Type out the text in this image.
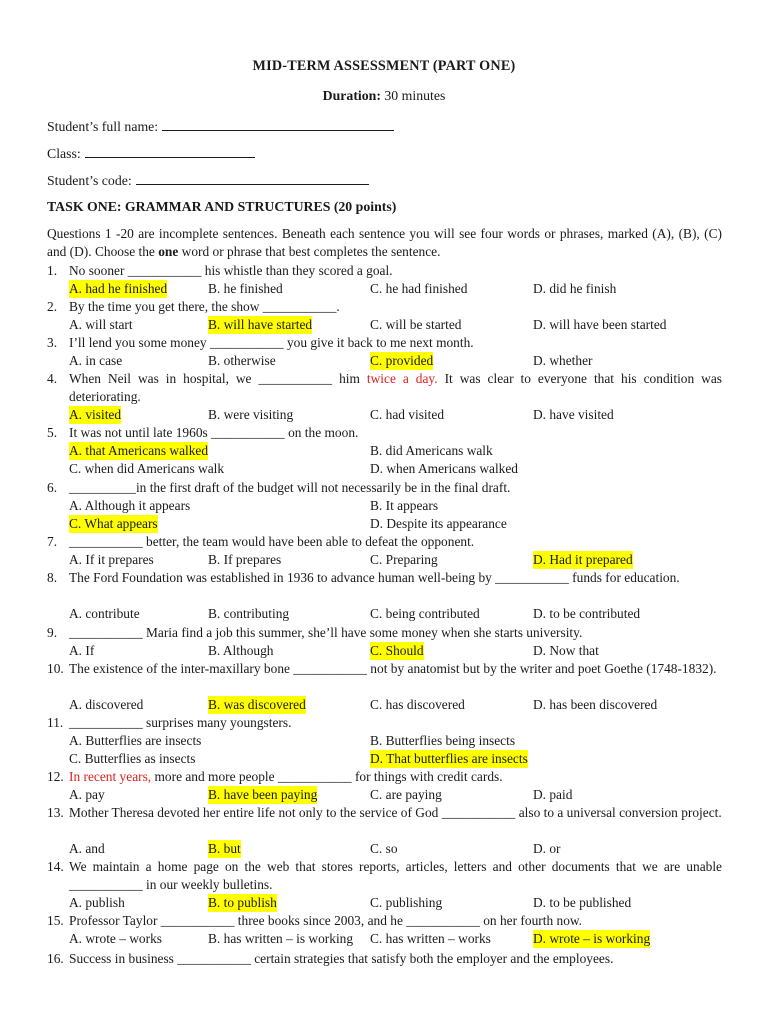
MID-TERM ASSESSMENT (PART ONE)
Duration: 30 minutes
Student’s full name:
Class:
Student’s code:
TASK ONE: GRAMMAR AND STRUCTURES (20 points)
Questions 1 -20 are incomplete sentences. Beneath each sentence you will see four words or phrases, marked (A), (B), (C) and (D). Choose the one word or phrase that best completes the sentence.
1. No sooner ___________ his whistle than they scored a goal.
A. had he finished	B. he finished	C. he had finished	D. did he finish
2. By the time you get there, the show ___________.
A. will start	B. will have started	C. will be started	D. will have been started
3. I’ll lend you some money ___________ you give it back to me next month.
A. in case	B. otherwise	C. provided	D. whether
4. When Neil was in hospital, we ___________ him twice a day. It was clear to everyone that his condition was deteriorating.
A. visited	B. were visiting	C. had visited	D. have visited
5. It was not until late 1960s ___________ on the moon.
A. that Americans walked	B. did Americans walk
C. when did Americans walk	D. when Americans walked
6. __________in the first draft of the budget will not necessarily be in the final draft.
A. Although it appears	B. It appears
C. What appears	D. Despite its appearance
7. ___________ better, the team would have been able to defeat the opponent.
A. If it prepares	B. If prepares	C. Preparing	D. Had it prepared
8. The Ford Foundation was established in 1936 to advance human well-being by ___________ funds for education.
A. contribute	B. contributing	C. being contributed	D. to be contributed
9. ___________ Maria find a job this summer, she’ll have some money when she starts university.
A. If	B. Although	C. Should	D. Now that
10. The existence of the inter-maxillary bone ___________ not by anatomist but by the writer and poet Goethe (1748-1832).
A. discovered	B. was discovered	C. has discovered	D. has been discovered
11. ___________ surprises many youngsters.
A. Butterflies are insects	B. Butterflies being insects
C. Butterflies as insects	D. That butterflies are insects
12. In recent years, more and more people ___________ for things with credit cards.
A. pay	B. have been paying	C. are paying	D. paid
13. Mother Theresa devoted her entire life not only to the service of God ___________ also to a universal conversion project.
A. and	B. but	C. so	D. or
14. We maintain a home page on the web that stores reports, articles, letters and other documents that we are unable ___________ in our weekly bulletins.
A. publish	B. to publish	C. publishing	D. to be published
15. Professor Taylor ___________ three books since 2003, and he ___________ on her fourth now.
A. wrote – works	B. has written – is working C. has written – works	D. wrote – is working
16. Success in business ___________ certain strategies that satisfy both the employer and the employees.
